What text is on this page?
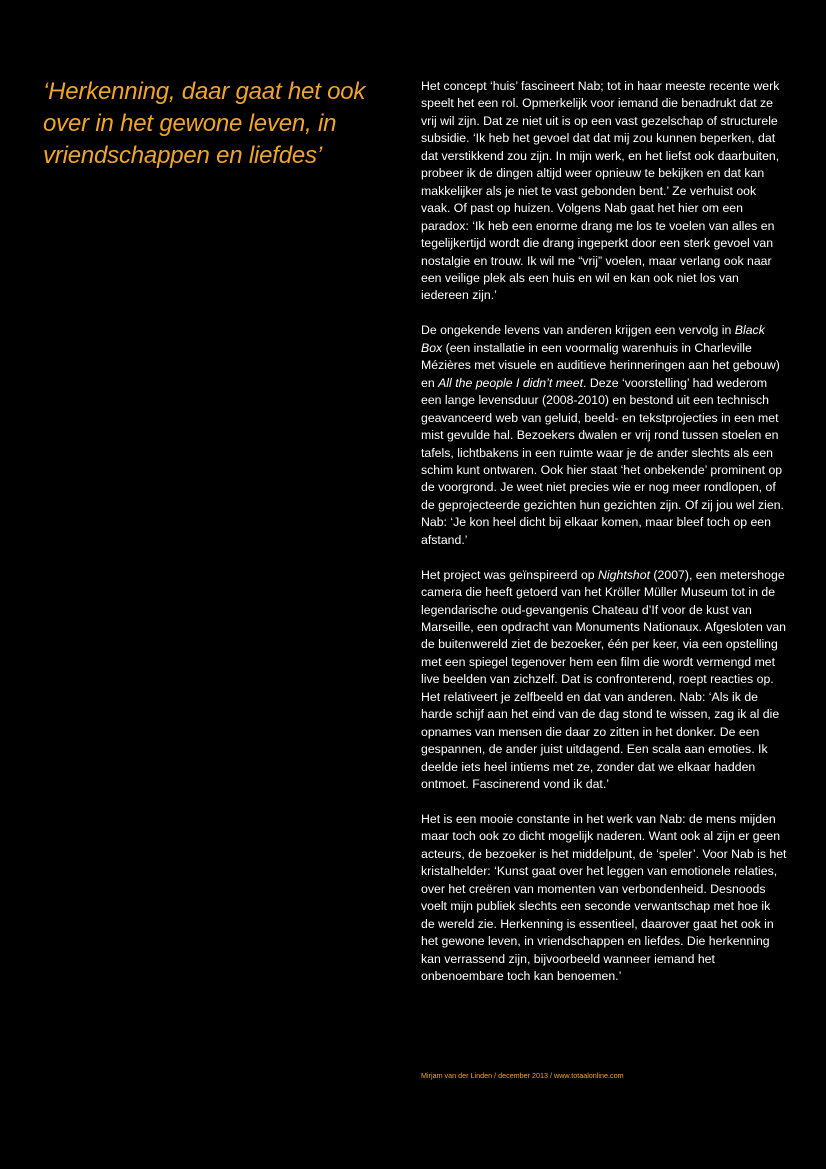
‘Herkenning, daar gaat het ook over in het gewone leven, in vriendschappen en liefdes’

Het concept ‘huis’ fascineert Nab; tot in haar meeste recente werk speelt het een rol. Opmerkelijk voor iemand die benadrukt dat ze vrij wil zijn. Dat ze niet uit is op een vast gezelschap of structurele subsidie. ‘Ik heb het gevoel dat dat mij zou kunnen beperken, dat dat verstikkend zou zijn. In mijn werk, en het liefst ook daarbuiten, probeer ik de dingen altijd weer opnieuw te bekijken en dat kan makkelijker als je niet te vast gebonden bent.’ Ze verhuist ook vaak. Of past op huizen. Volgens Nab gaat het hier om een paradox: ‘Ik heb een enorme drang me los te voelen van alles en tegelijkertijd wordt die drang ingeperkt door een sterk gevoel van nostalgie en trouw. Ik wil me “vrij” voelen, maar verlang ook naar een veilige plek als een huis en wil en kan ook niet los van iedereen zijn.’

De ongekende levens van anderen krijgen een vervolg in Black Box (een installatie in een voormalig warenhuis in Charleville Mézières met visuele en auditieve herinneringen aan het gebouw) en All the people I didn’t meet. Deze ‘voorstelling’ had wederom een lange levensduur (2008-2010) en bestond uit een technisch geavanceerd web van geluid, beeld- en tekstprojecties in een met mist gevulde hal. Bezoekers dwalen er vrij rond tussen stoelen en tafels, lichtbakens in een ruimte waar je de ander slechts als een schim kunt ontwaren. Ook hier staat ‘het onbekende’ prominent op de voorgrond. Je weet niet precies wie er nog meer rondlopen, of de geprojecteerde gezichten hun gezichten zijn. Of zij jou wel zien. Nab: ‘Je kon heel dicht bij elkaar komen, maar bleef toch op een afstand.’

Het project was geïnspireerd op Nightshot (2007), een metershoge camera die heeft getoerd van het Kröller Müller Museum tot in de legendarische oud-gevangenis Chateau d’If voor de kust van Marseille, een opdracht van Monuments Nationaux. Afgesloten van de buitenwereld ziet de bezoeker, één per keer, via een opstelling met een spiegel tegenover hem een film die wordt vermengd met live beelden van zichzelf. Dat is confronterend, roept reacties op. Het relativeert je zelfbeeld en dat van anderen. Nab: ‘Als ik de harde schijf aan het eind van de dag stond te wissen, zag ik al die opnames van mensen die daar zo zitten in het donker. De een gespannen, de ander juist uitdagend. Een scala aan emoties. Ik deelde iets heel intiems met ze, zonder dat we elkaar hadden ontmoet. Fascinerend vond ik dat.’

Het is een mooie constante in het werk van Nab: de mens mijden maar toch ook zo dicht mogelijk naderen. Want ook al zijn er geen acteurs, de bezoeker is het middelpunt, de ‘speler’. Voor Nab is het kristalhelder: ‘Kunst gaat over het leggen van emotionele relaties, over het creëren van momenten van verbondenheid. Desnoods voelt mijn publiek slechts een seconde verwantschap met hoe ik de wereld zie. Herkenning is essentieel, daarover gaat het ook in het gewone leven, in vriendschappen en liefdes. Die herkenning kan verrassend zijn, bijvoorbeeld wanneer iemand het onbenoembare toch kan benoemen.’

Mirjam van der Linden / december 2013 / www.totaalonline.com
